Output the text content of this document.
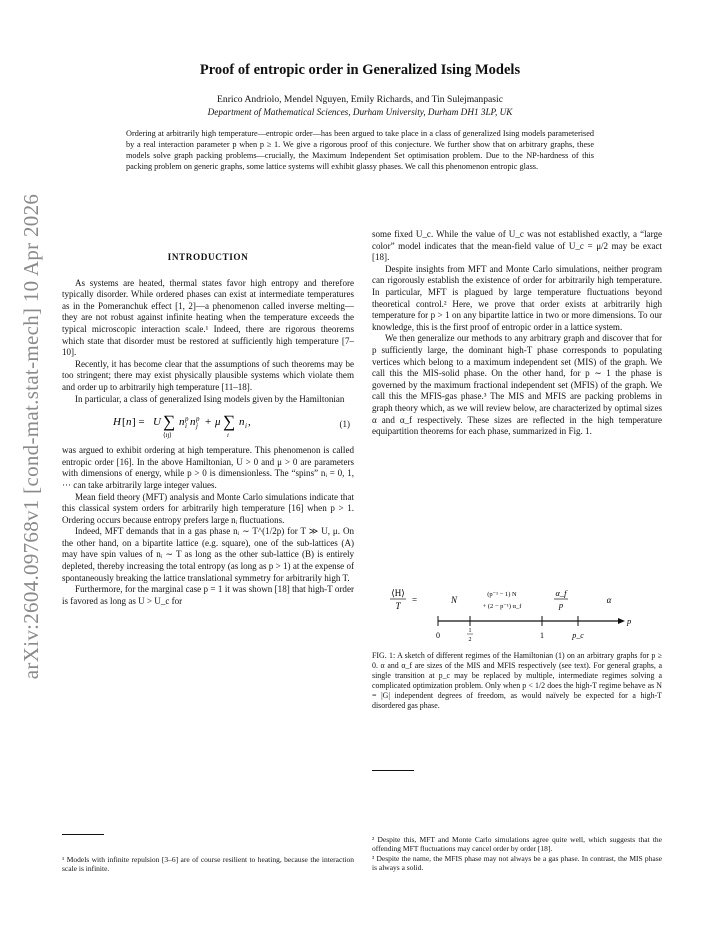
arXiv:2604.09768v1 [cond-mat.stat-mech] 10 Apr 2026
Proof of entropic order in Generalized Ising Models
Enrico Andriolo, Mendel Nguyen, Emily Richards, and Tin Sulejmanpasic
Department of Mathematical Sciences, Durham University, Durham DH1 3LP, UK
Ordering at arbitrarily high temperature—entropic order—has been argued to take place in a class of generalized Ising models parameterised by a real interaction parameter p when p ≥ 1. We give a rigorous proof of this conjecture. We further show that on arbitrary graphs, these models solve graph packing problems—crucially, the Maximum Independent Set optimisation problem. Due to the NP-hardness of this packing problem on generic graphs, some lattice systems will exhibit glassy phases. We call this phenomenon entropic glass.

INTRODUCTION

As systems are heated, thermal states favor high entropy and therefore typically disorder. While ordered phases can exist at intermediate temperatures as in the Pomeranchuk effect [1, 2]—a phenomenon called inverse melting—they are not robust against infinite heating when the temperature exceeds the typical microscopic interaction scale.¹ Indeed, there are rigorous theorems which state that disorder must be restored at sufficiently high temperature [7–10].

Recently, it has become clear that the assumptions of such theorems may be too stringent; there may exist physically plausible systems which violate them and order up to arbitrarily high temperature [11–18].

In particular, a class of generalized Ising models given by the Hamiltonian

H [ n ] = U ∑
⟨ij⟩
n p
i n p
j + μ ∑
i
n i ,	(1)

was argued to exhibit ordering at high temperature. This phenomenon is called entropic order [16]. In the above Hamiltonian, U > 0 and μ > 0 are parameters with dimensions of energy, while p > 0 is dimensionless. The “spins” nᵢ = 0, 1, ··· can take arbitrarily large integer values.

Mean field theory (MFT) analysis and Monte Carlo simulations indicate that this classical system orders for arbitrarily high temperature [16] when p > 1. Ordering occurs because entropy prefers large nᵢ fluctuations.

Indeed, MFT demands that in a gas phase nᵢ ∼ T^(1/2p) for T ≫ U, μ. On the other hand, on a bipartite lattice (e.g. square), one of the sub-lattices (A) may have spin values of nᵢ ∼ T as long as the other sub-lattice (B) is entirely depleted, thereby increasing the total entropy (as long as p > 1) at the expense of spontaneously breaking the lattice translational symmetry for arbitrarily high T.

Furthermore, for the marginal case p = 1 it was shown [18] that high-T order is favored as long as U > U_c for

¹ Models with infinite repulsion [3–6] are of course resilient to heating, because the interaction scale is infinite.

some fixed U_c. While the value of U_c was not established exactly, a “large color” model indicates that the mean-field value of U_c = μ/2 may be exact [18].

Despite insights from MFT and Monte Carlo simulations, neither program can rigorously establish the existence of order for arbitrarily high temperature. In particular, MFT is plagued by large temperature fluctuations beyond theoretical control.² Here, we prove that order exists at arbitrarily high temperature for p > 1 on any bipartite lattice in two or more dimensions. To our knowledge, this is the first proof of entropic order in a lattice system.

We then generalize our methods to any arbitrary graph and discover that for p sufficiently large, the dominant high-T phase corresponds to populating vertices which belong to a maximum independent set (MIS) of the graph. We call this the MIS-solid phase. On the other hand, for p ∼ 1 the phase is governed by the maximum fractional independent set (MFIS) of the graph. We call this the MFIS-gas phase.³ The MIS and MFIS are packing problems in graph theory which, as we will review below, are characterized by optimal sizes α and α_f respectively. These sizes are reflected in the high temperature equipartition theorems for each phase, summarized in Fig. 1.

⟨H⟩
T
=	N
(p⁻¹ − 1) N
+ (2 − p⁻¹) α_f
α_f
p	α
p
0	1
2	1	p_c
FIG. 1: A sketch of different regimes of the Hamiltonian (1) on an arbitrary graphs for p ≥ 0. α and α_f are sizes of the MIS and MFIS respectively (see text). For general graphs, a single transition at p_c may be replaced by multiple, intermediate regimes solving a complicated optimization problem. Only when p < 1/2 does the high-T regime behave as N = |G| independent degrees of freedom, as would naïvely be expected for a high-T disordered gas phase.

² Despite this, MFT and Monte Carlo simulations agree quite well, which suggests that the offending MFT fluctuations may cancel order by order [18].

³ Despite the name, the MFIS phase may not always be a gas phase. In contrast, the MIS phase is always a solid.
